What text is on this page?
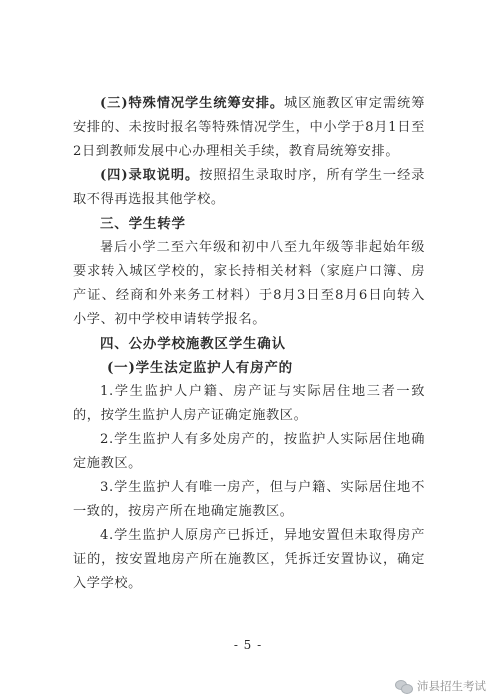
(三)特殊情况学生统筹安排。城区施教区审定需统筹安排的、未按时报名等特殊情况学生，中小学于8月1日至2日到教师发展中心办理相关手续，教育局统筹安排。

(四)录取说明。按照招生录取时序，所有学生一经录取不得再选报其他学校。

三、学生转学

暑后小学二至六年级和初中八至九年级等非起始年级要求转入城区学校的，家长持相关材料（家庭户口簿、房产证、经商和外来务工材料）于8月3日至8月6日向转入小学、初中学校申请转学报名。

四、公办学校施教区学生确认
(一)学生法定监护人有房产的

1.学生监护人户籍、房产证与实际居住地三者一致的，按学生监护人房产证确定施教区。

2.学生监护人有多处房产的，按监护人实际居住地确定施教区。

3.学生监护人有唯一房产，但与户籍、实际居住地不一致的，按房产所在地确定施教区。

4.学生监护人原房产已拆迁，异地安置但未取得房产证的，按安置地房产所在施教区，凭拆迁安置协议，确定入学学校。

- 5 -
沛县招生考试
